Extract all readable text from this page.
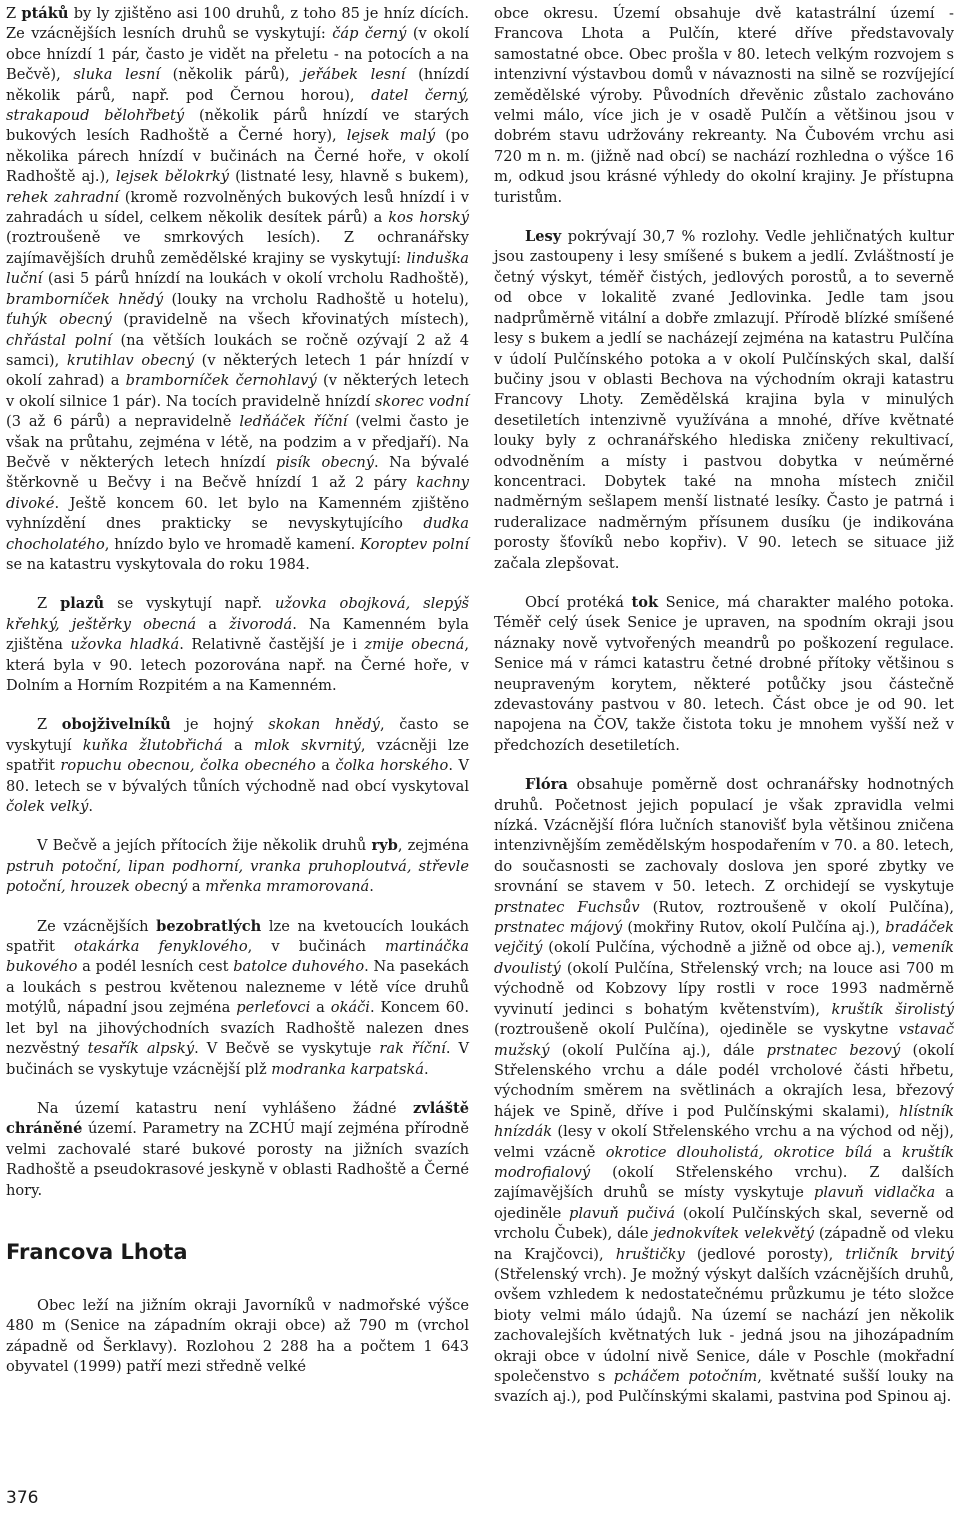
Z ptáků by ly zjištěno asi 100 druhů, z toho 85 je hníz dících. Ze vzácnějších lesních druhů se vyskytují: čáp černý (v okolí obce hnízdí 1 pár, často je vidět na přeletu - na potocích a na Bečvě), sluka lesní (několik párů), jeřábek lesní (hnízdí několik párů, např. pod Černou horou), datel černý, strakapoud bělohřbetý (několik párů hnízdí ve starých bukových lesích Radhoště a Černé hory), lejsek malý (po několika párech hnízdí v bučinách na Černé hoře, v okolí Radhoště aj.), lejsek bělokrký (listnaté lesy, hlavně s bukem), rehek zahradní (kromě rozvolněných bukových lesů hnízdí i v zahradách u sídel, celkem několik desítek párů) a kos horský (roztroušeně ve smrkových lesích). Z ochranářsky zajímavějších druhů zemědělské krajiny se vyskytují: linduška luční (asi 5 párů hnízdí na loukách v okolí vrcholu Radhoště), bramborníček hnědý (louky na vrcholu Radhoště u hotelu), ťuhýk obecný (pravidelně na všech křovinatých místech), chřástal polní (na větších loukách se ročně ozývají 2 až 4 samci), krutihlav obecný (v některých letech 1 pár hnízdí v okolí zahrad) a bramborníček černohlavý (v některých letech v okolí silnice 1 pár). Na tocích pravidelně hnízdí skorec vodní (3 až 6 párů) a nepravidelně ledňáček říční (velmi často je však na průtahu, zejména v létě, na podzim a v předjaří). Na Bečvě v některých letech hnízdí pisík obecný. Na bývalé štěrkovně u Bečvy i na Bečvě hnízdí 1 až 2 páry kachny divoké. Ještě koncem 60. let bylo na Kamenném zjištěno vyhnízdění dnes prakticky se nevyskytujícího dudka chocholatého, hnízdo bylo ve hromadě kamení. Koroptev polní se na katastru vyskytovala do roku 1984.

Z plazů se vyskytují např. užovka obojková, slepýš křehký, ještěrky obecná a živorodá. Na Kamenném byla zjištěna užovka hladká. Relativně častější je i zmije obecná, která byla v 90. letech pozorována např. na Černé hoře, v Dolním a Horním Rozpitém a na Kamenném.

Z obojživelníků je hojný skokan hnědý, často se vyskytují kuňka žlutobřichá a mlok skvrnitý, vzácněji lze spatřit ropuchu obecnou, čolka obecného a čolka horského. V 80. letech se v bývalých tůních východně nad obcí vyskytoval čolek velký.

V Bečvě a jejích přítocích žije několik druhů ryb, zejména pstruh potoční, lipan podhorní, vranka pruhoploutvá, střevle potoční, hrouzek obecný a mřenka mramorovaná.

Ze vzácnějších bezobratlých lze na kvetoucích loukách spatřit otakárka fenyklového, v bučinách martináčka bukového a podél lesních cest batolce duhového. Na pasekách a loukách s pestrou květenou nalezneme v létě více druhů motýlů, nápadní jsou zejména perleťovci a okáči. Koncem 60. let byl na jihovýchodních svazích Radhoště nalezen dnes nezvěstný tesařík alpský. V Bečvě se vyskytuje rak říční. V bučinách se vyskytuje vzácnější plž modranka karpatská.

Na území katastru není vyhlášeno žádné zvláště chráněné území. Parametry na ZCHÚ mají zejména přírodně velmi zachovalé staré bukové porosty na jižních svazích Radhoště a pseudokrasové jeskyně v oblasti Radhoště a Černé hory.

Francova Lhota

Obec leží na jižním okraji Javorníků v nadmořské výšce 480 m (Senice na západním okraji obce) až 790 m (vrchol západně od Šerklavy). Rozlohou 2 288 ha a počtem 1 643 obyvatel (1999) patří mezi středně velké

obce okresu. Území obsahuje dvě katastrální území - Francova Lhota a Pulčín, které dříve představovaly samostatné obce. Obec prošla v 80. letech velkým rozvojem s intenzivní výstavbou domů v návaznosti na silně se rozvíjející zemědělské výroby. Původních dřevěnic zůstalo zachováno velmi málo, více jich je v osadě Pulčín a většinou jsou v dobrém stavu udržovány rekreanty. Na Čubovém vrchu asi 720 m n. m. (jižně nad obcí) se nachází rozhledna o výšce 16 m, odkud jsou krásné výhledy do okolní krajiny. Je přístupna turistům.

Lesy pokrývají 30,7 % rozlohy. Vedle jehličnatých kultur jsou zastoupeny i lesy smíšené s bukem a jedlí. Zvláštností je četný výskyt, téměř čistých, jedlových porostů, a to severně od obce v lokalitě zvané Jedlovinka. Jedle tam jsou nadprůměrně vitální a dobře zmlazují. Přírodě blízké smíšené lesy s bukem a jedlí se nacházejí zejména na katastru Pulčína v údolí Pulčínského potoka a v okolí Pulčínských skal, další bučiny jsou v oblasti Bechova na východním okraji katastru Francovy Lhoty. Zemědělská krajina byla v minulých desetiletích intenzivně využívána a mnohé, dříve květnaté louky byly z ochranářského hlediska zničeny rekultivací, odvodněním a místy i pastvou dobytka v neúměrné koncentraci. Dobytek také na mnoha místech zničil nadměrným sešlapem menší listnaté lesíky. Často je patrná i ruderalizace nadměrným přísunem dusíku (je indikována porosty šťovíků nebo kopřiv). V 90. letech se situace již začala zlepšovat.

Obcí protéká tok Senice, má charakter malého potoka. Téměř celý úsek Senice je upraven, na spodním okraji jsou náznaky nově vytvořených meandrů po poškození regulace. Senice má v rámci katastru četné drobné přítoky většinou s neupraveným korytem, některé potůčky jsou částečně zdevastovány pastvou v 80. letech. Část obce je od 90. let napojena na ČOV, takže čistota toku je mnohem vyšší než v předchozích desetiletích.

Flóra obsahuje poměrně dost ochranářsky hodnotných druhů. Početnost jejich populací je však zpravidla velmi nízká. Vzácnější flóra lučních stanovišť byla většinou zničena intenzivnějším zemědělským hospodařením v 70. a 80. letech, do současnosti se zachovaly doslova jen sporé zbytky ve srovnání se stavem v 50. letech. Z orchidejí se vyskytuje prstnatec Fuchsův (Rutov, roztroušeně v okolí Pulčína), prstnatec májový (mokřiny Rutov, okolí Pulčína aj.), bradáček vejčitý (okolí Pulčína, východně a jižně od obce aj.), vemeník dvoulistý (okolí Pulčína, Střelenský vrch; na louce asi 700 m východně od Kobzovy lípy rostli v roce 1993 nadměrně vyvinutí jedinci s bohatým květenstvím), kruštík širolistý (roztroušeně okolí Pulčína), ojediněle se vyskytne vstavač mužský (okolí Pulčína aj.), dále prstnatec bezový (okolí Střelenského vrchu a dále podél vrcholové části hřbetu, východním směrem na světlinách a okrajích lesa, březový hájek ve Spině, dříve i pod Pulčínskými skalami), hlístník hnízdák (lesy v okolí Střelenského vrchu a na východ od něj), velmi vzácně okrotice dlouholistá, okrotice bílá a kruštík modrofialový (okolí Střelenského vrchu). Z dalších zajímavějších druhů se místy vyskytuje plavuň vidlačka a ojediněle plavuň pučivá (okolí Pulčínských skal, severně od vrcholu Čubek), dále jednokvítek velekvětý (západně od vleku na Krajčovci), hruštičky (jedlové porosty), trličník brvitý (Střelenský vrch). Je možný výskyt dalších vzácnějších druhů, ovšem vzhledem k nedostatečnému průzkumu je této složce bioty velmi málo údajů. Na území se nachází jen několik zachovalejších květnatých luk - jedná jsou na jihozápadním okraji obce v údolní nivě Senice, dále v Poschle (mokřadní společenstvo s pcháčem potočním, květnaté sušší louky na svazích aj.), pod Pulčínskými skalami, pastvina pod Spinou aj.

376
